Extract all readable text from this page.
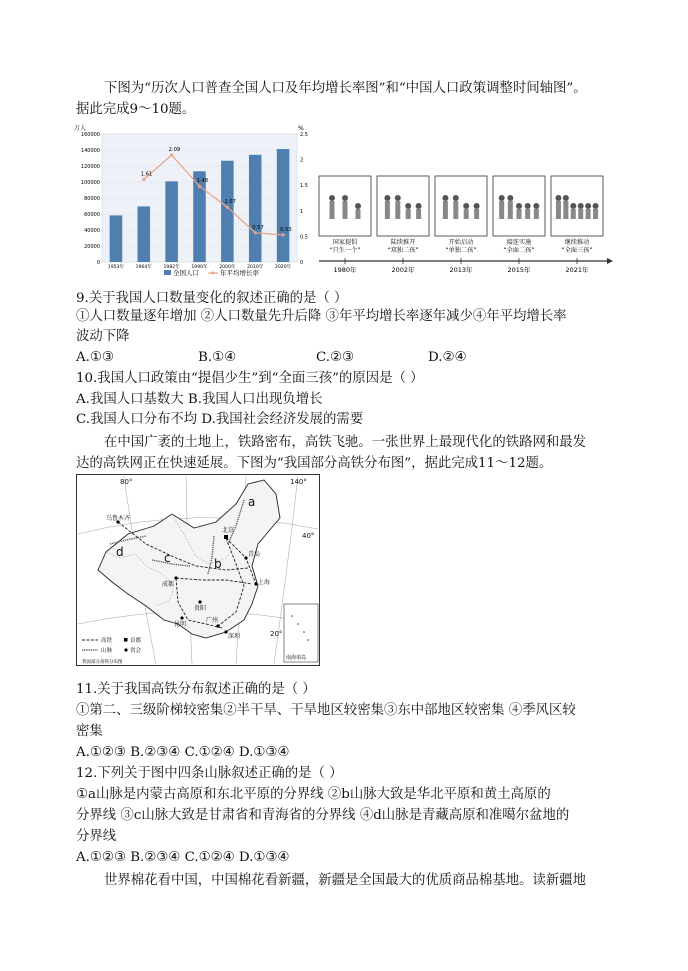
下图为“历次人口普查全国人口及年均增长率图”和“中国人口政策调整时间轴图”。
据此完成9～10题。
万人	%
0
20000
40000
60000
80000
100000
120000
140000
160000
0
0.5
1
1.5
2
2.5
1953年	1964年	1982年	1990年	2000年	2010年	2020年
1.61
2.09
1.48
1.07
0.57	0.53
全国人口	年平均增长率
国家提倡
“只生一个”
1980年
陆续推开
“双独二孩”
2002年
开始启动
“单独二孩”
2013年
接连实施
“全面二孩”
2015年
继续推动
“全面三孩”
2021年
9.关于我国人口数量变化的叙述正确的是（ ）
①人口数量逐年增加 ②人口数量先升后降 ③年平均增长率逐年减少④年平均增长率
波动下降
A.①③	B.①④	C.②③	D.②④
10.我国人口政策由“提倡少生”到“全面三孩”的原因是（ ）
A.我国人口基数大 B.我国人口出现负增长
C.我国人口分布不均 D.我国社会经济发展的需要
在中国广袤的土地上，铁路密布，高铁飞驰。一张世界上最现代化的铁路网和最发
达的高铁网正在快速延展。下图为“我国部分高铁分布图”，据此完成11～12题。
80°	140°
40°
20°
a
b
c
d
乌鲁木齐
北京
青岛
上海
成都
昆明
贵阳
广州
深圳
南海诸岛
高铁	首都
山脉	省会
我国部分高铁分布图
11.关于我国高铁分布叙述正确的是（ ）
①第二、三级阶梯较密集②半干旱、干旱地区较密集③东中部地区较密集 ④季风区较
密集
A.①②③ B.②③④ C.①②④ D.①③④
12.下列关于图中四条山脉叙述正确的是（ ）
①a山脉是内蒙古高原和东北平原的分界线 ②b山脉大致是华北平原和黄土高原的
分界线 ③c山脉大致是甘肃省和青海省的分界线 ④d山脉是青藏高原和准噶尔盆地的
分界线
A.①②③ B.②③④ C.①②④ D.①③④
世界棉花看中国，中国棉花看新疆，新疆是全国最大的优质商品棉基地。读新疆地
